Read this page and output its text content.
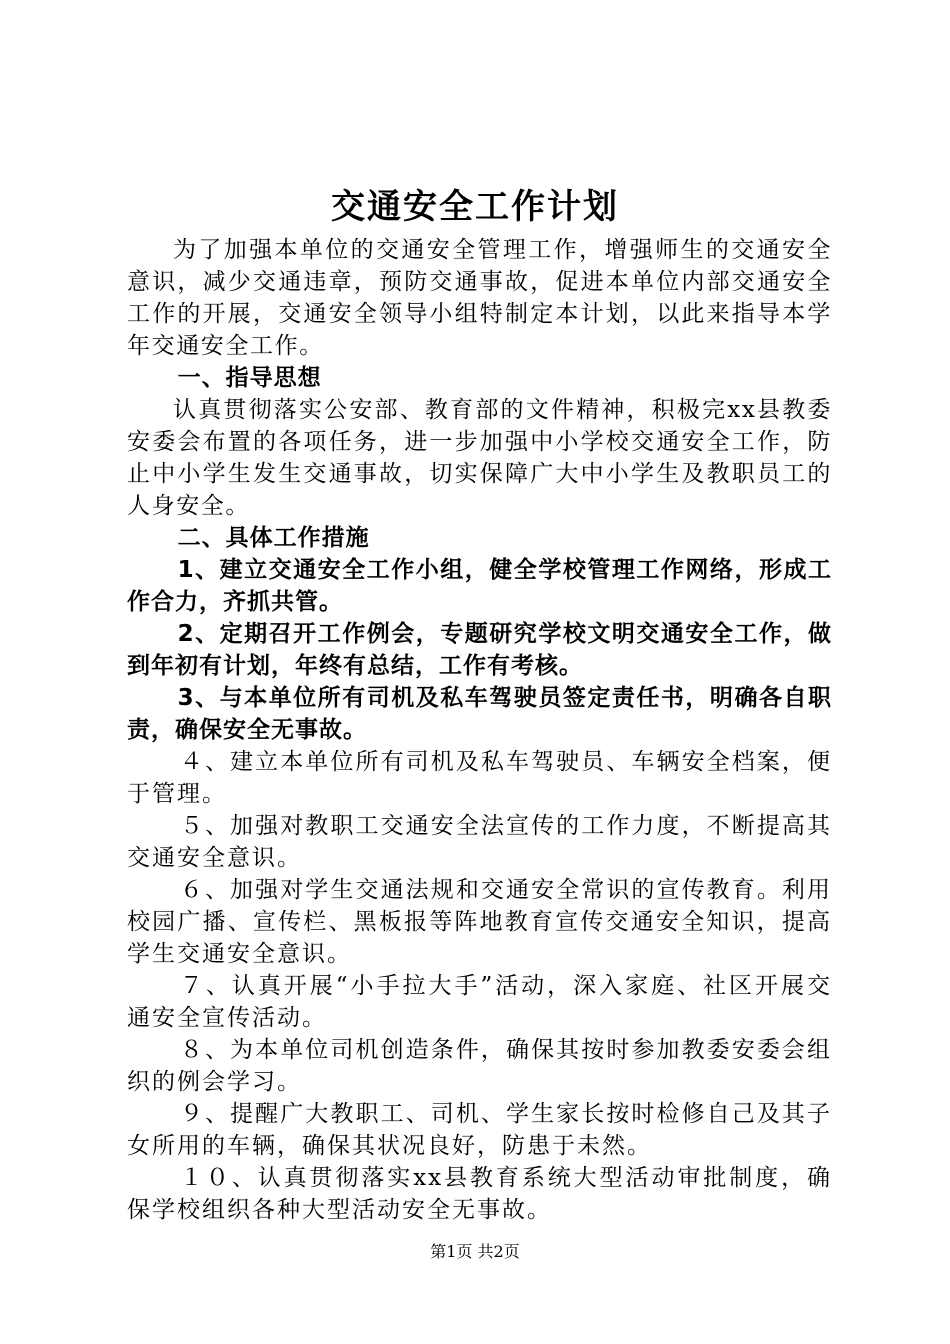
交通安全工作计划

为了加强本单位的交通安全管理工作，增强师生的交通安全意识，减少交通违章，预防交通事故，促进本单位内部交通安全工作的开展，交通安全领导小组特制定本计划，以此来指导本学年交通安全工作。

一、指导思想

认真贯彻落实公安部、教育部的文件精神，积极完xx县教委安委会布置的各项任务，进一步加强中小学校交通安全工作，防止中小学生发生交通事故，切实保障广大中小学生及教职员工的人身安全。

二、具体工作措施

1、建立交通安全工作小组，健全学校管理工作网络，形成工作合力，齐抓共管。

2、定期召开工作例会，专题研究学校文明交通安全工作，做到年初有计划，年终有总结，工作有考核。

3、与本单位所有司机及私车驾驶员签定责任书，明确各自职责，确保安全无事故。

４、建立本单位所有司机及私车驾驶员、车辆安全档案，便于管理。

５、加强对教职工交通安全法宣传的工作力度，不断提高其交通安全意识。

６、加强对学生交通法规和交通安全常识的宣传教育。利用校园广播、宣传栏、黑板报等阵地教育宣传交通安全知识，提高学生交通安全意识。

７、认真开展“小手拉大手”活动，深入家庭、社区开展交通安全宣传活动。

８、为本单位司机创造条件，确保其按时参加教委安委会组织的例会学习。

９、提醒广大教职工、司机、学生家长按时检修自己及其子女所用的车辆，确保其状况良好，防患于未然。

１０、认真贯彻落实xx县教育系统大型活动审批制度，确保学校组织各种大型活动安全无事故。

第1页 共2页
